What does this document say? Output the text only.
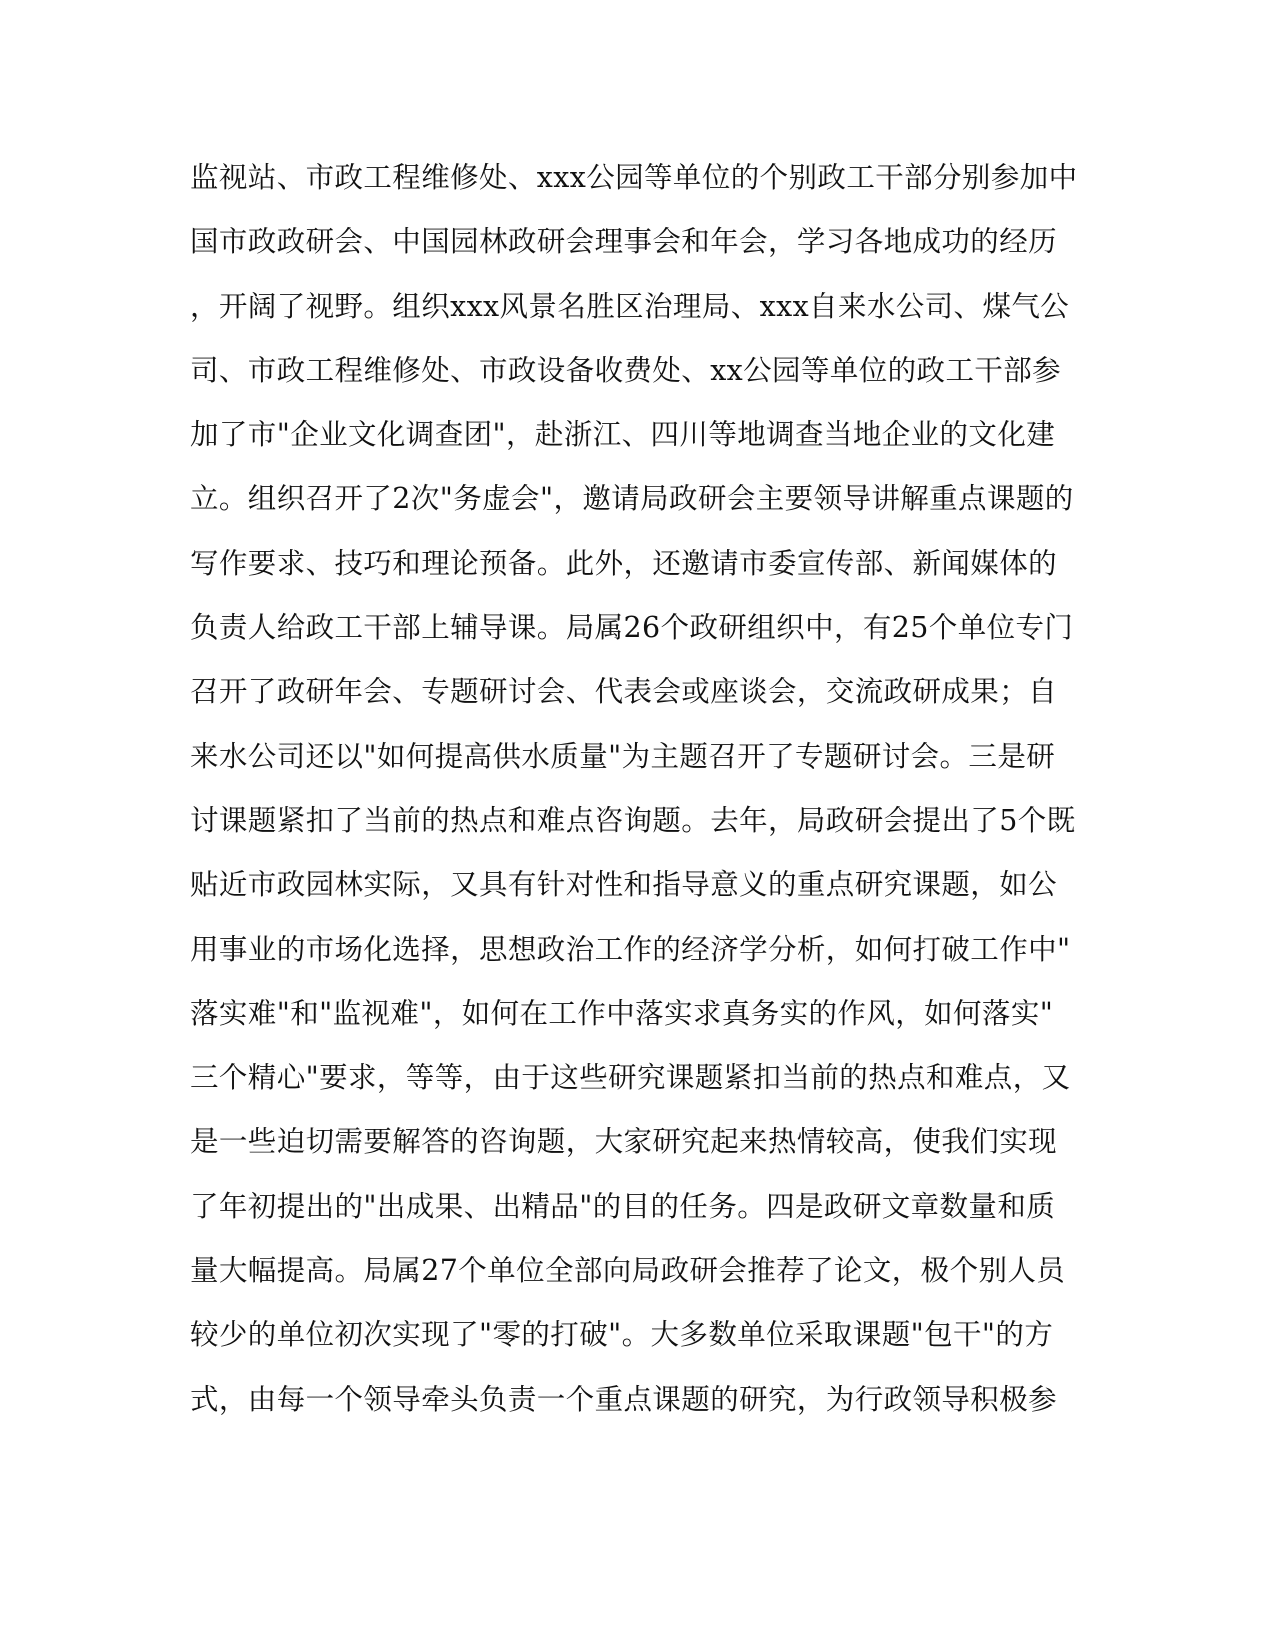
监视站、市政工程维修处、xxx公园等单位的个别政工干部分别参加中
国市政政研会、中国园林政研会理事会和年会，学习各地成功的经历
，开阔了视野。组织xxx风景名胜区治理局、xxx自来水公司、煤气公
司、市政工程维修处、市政设备收费处、xx公园等单位的政工干部参
加了市"企业文化调查团"，赴浙江、四川等地调查当地企业的文化建
立。组织召开了2次"务虚会"，邀请局政研会主要领导讲解重点课题的
写作要求、技巧和理论预备。此外，还邀请市委宣传部、新闻媒体的
负责人给政工干部上辅导课。局属26个政研组织中，有25个单位专门
召开了政研年会、专题研讨会、代表会或座谈会，交流政研成果；自
来水公司还以"如何提高供水质量"为主题召开了专题研讨会。三是研
讨课题紧扣了当前的热点和难点咨询题。去年，局政研会提出了5个既
贴近市政园林实际，又具有针对性和指导意义的重点研究课题，如公
用事业的市场化选择，思想政治工作的经济学分析，如何打破工作中"
落实难"和"监视难"，如何在工作中落实求真务实的作风，如何落实"
三个精心"要求，等等，由于这些研究课题紧扣当前的热点和难点，又
是一些迫切需要解答的咨询题，大家研究起来热情较高，使我们实现
了年初提出的"出成果、出精品"的目的任务。四是政研文章数量和质
量大幅提高。局属27个单位全部向局政研会推荐了论文，极个别人员
较少的单位初次实现了"零的打破"。大多数单位采取课题"包干"的方
式，由每一个领导牵头负责一个重点课题的研究，为行政领导积极参
